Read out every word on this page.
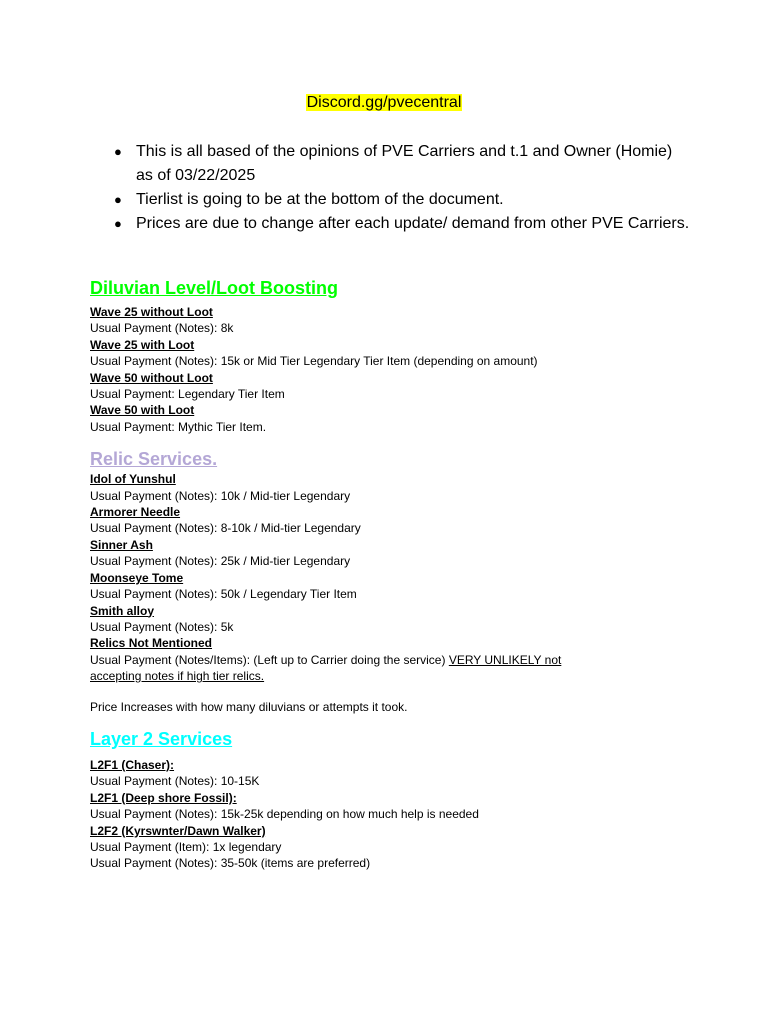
Discord.gg/pvecentral
● This is all based of the opinions of PVE Carriers and t.1 and Owner (Homie) as of 03/22/2025
● Tierlist is going to be at the bottom of the document.
● Prices are due to change after each update/ demand from other PVE Carriers.

Diluvian Level/Loot Boosting

Wave 25 without Loot

Usual Payment (Notes): 8k

Wave 25 with Loot

Usual Payment (Notes): 15k or Mid Tier Legendary Tier Item (depending on amount)

Wave 50 without Loot

Usual Payment: Legendary Tier Item

Wave 50 with Loot

Usual Payment: Mythic Tier Item.

Relic Services.

Idol of Yunshul

Usual Payment (Notes): 10k / Mid-tier Legendary

Armorer Needle

Usual Payment (Notes): 8-10k / Mid-tier Legendary

Sinner Ash

Usual Payment (Notes): 25k / Mid-tier Legendary

Moonseye Tome

Usual Payment (Notes): 50k / Legendary Tier Item

Smith alloy

Usual Payment (Notes): 5k

Relics Not Mentioned

Usual Payment (Notes/Items): (Left up to Carrier doing the service) VERY UNLIKELY not
accepting notes if high tier relics.

Price Increases with how many diluvians or attempts it took.

Layer 2 Services

L2F1 (Chaser):

Usual Payment (Notes): 10-15K

L2F1 (Deep shore Fossil):

Usual Payment (Notes): 15k-25k depending on how much help is needed

L2F2 (Kyrswnter/Dawn Walker)

Usual Payment (Item): 1x legendary

Usual Payment (Notes): 35-50k (items are preferred)
